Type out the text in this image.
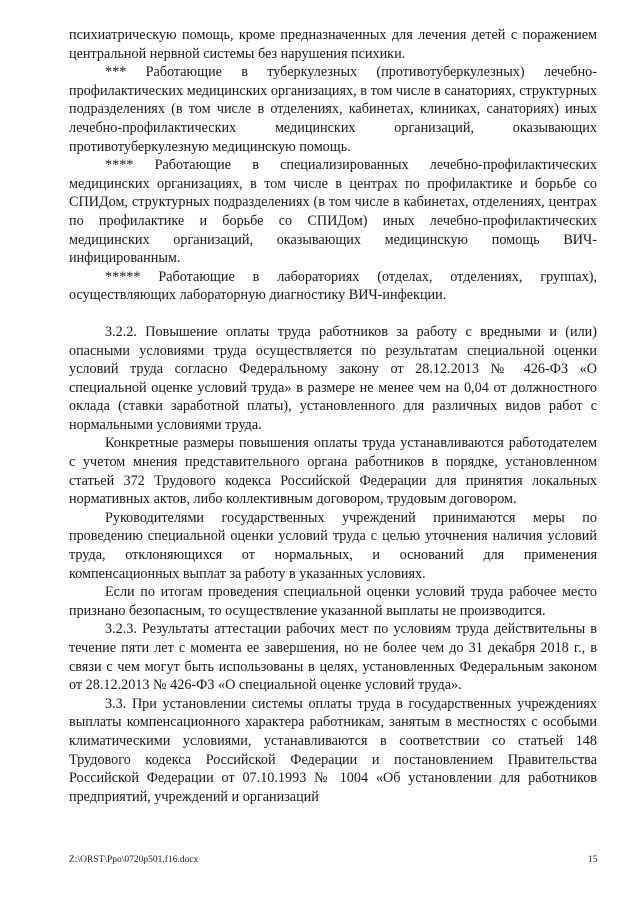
психиатрическую помощь, кроме предназначенных для лечения детей с поражением центральной нервной системы без нарушения психики.

*** Работающие в туберкулезных (противотуберкулезных) лечебно-профилактических медицинских организациях, в том числе в санаториях, структурных подразделениях (в том числе в отделениях, кабинетах, клиниках, санаториях) иных лечебно-профилактических медицинских организаций, оказывающих противотуберкулезную медицинскую помощь.

**** Работающие в специализированных лечебно-профилактических медицинских организациях, в том числе в центрах по профилактике и борьбе со СПИДом, структурных подразделениях (в том числе в кабинетах, отделениях, центрах по профилактике и борьбе со СПИДом) иных лечебно-профилактических медицинских организаций, оказывающих медицинскую помощь ВИЧ-инфицированным.

***** Работающие в лабораториях (отделах, отделениях, группах), осуществляющих лабораторную диагностику ВИЧ-инфекции.

3.2.2. Повышение оплаты труда работников за работу с вредными и (или) опасными условиями труда осуществляется по результатам специальной оценки условий труда согласно Федеральному закону от 28.12.2013 № 426-ФЗ «О специальной оценке условий труда» в размере не менее чем на 0,04 от должностного оклада (ставки заработной платы), установленного для различных видов работ с нормальными условиями труда.

Конкретные размеры повышения оплаты труда устанавливаются работодателем с учетом мнения представительного органа работников в порядке, установленном статьей 372 Трудового кодекса Российской Федерации для принятия локальных нормативных актов, либо коллективным договором, трудовым договором.

Руководителями государственных учреждений принимаются меры по проведению специальной оценки условий труда с целью уточнения наличия условий труда, отклоняющихся от нормальных, и оснований для применения компенсационных выплат за работу в указанных условиях.

Если по итогам проведения специальной оценки условий труда рабочее место признано безопасным, то осуществление указанной выплаты не производится.

3.2.3. Результаты аттестации рабочих мест по условиям труда действительны в течение пяти лет с момента ее завершения, но не более чем до 31 декабря 2018 г., в связи с чем могут быть использованы в целях, установленных Федеральным законом от 28.12.2013 № 426-ФЗ «О специальной оценке условий труда».

3.3. При установлении системы оплаты труда в государственных учреждениях выплаты компенсационного характера работникам, занятым в местностях с особыми климатическими условиями, устанавливаются в соответствии со статьей 148 Трудового кодекса Российской Федерации и постановлением Правительства Российской Федерации от 07.10.1993 № 1004 «Об установлении для работников предприятий, учреждений и организаций

Z:\ORST\Ppo\0720p501.f16.docx	15
